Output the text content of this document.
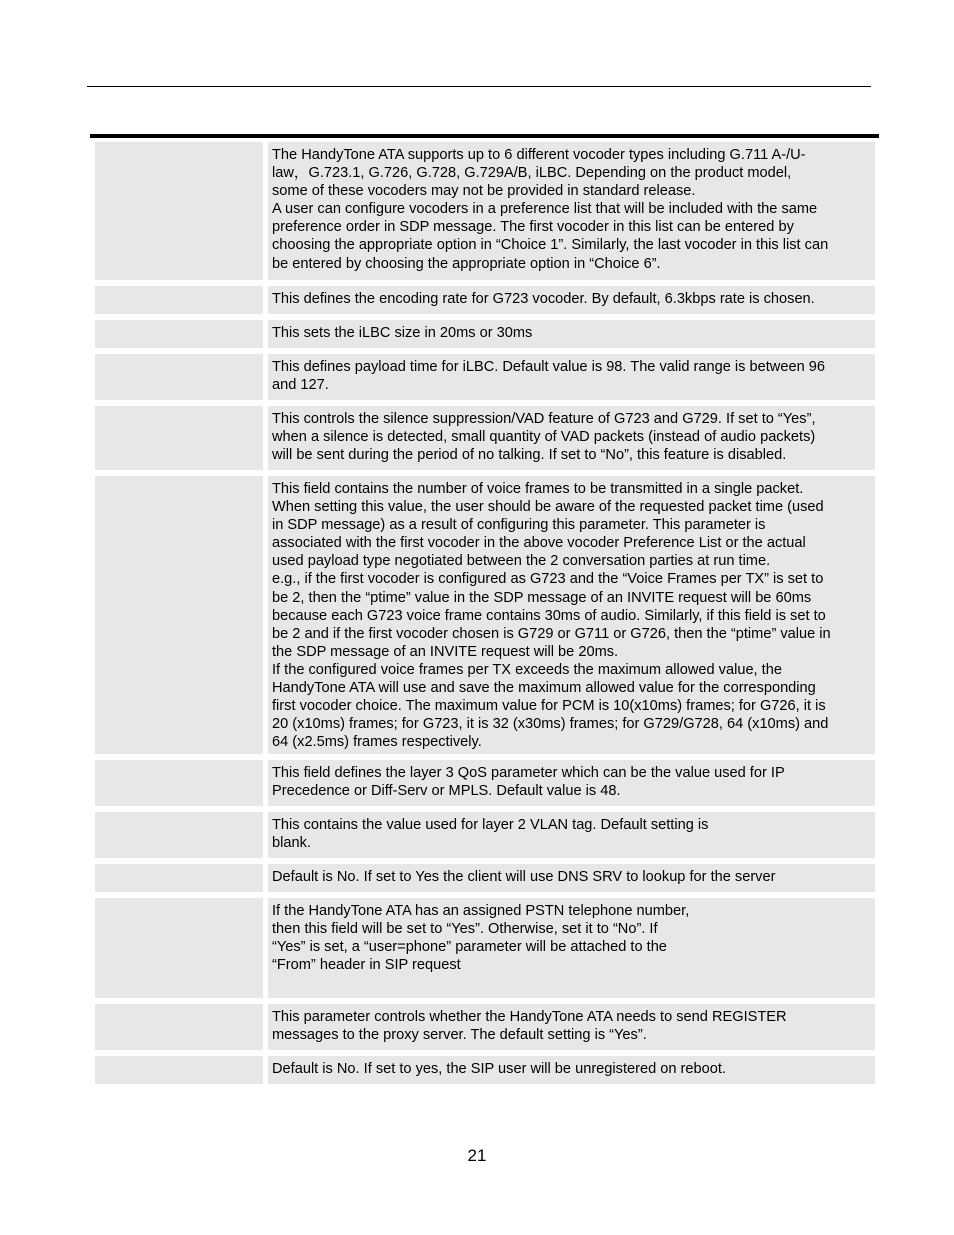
The HandyTone ATA supports up to 6 different vocoder types including G.711 A-/U-
law，G.723.1, G.726, G.728, G.729A/B, iLBC. Depending on the product model,
some of these vocoders may not be provided in standard release.
A user can configure vocoders in a preference list that will be included with the same
preference order in SDP message. The first vocoder in this list can be entered by
choosing the appropriate option in “Choice 1”. Similarly, the last vocoder in this list can
be entered by choosing the appropriate option in “Choice 6”.
This defines the encoding rate for G723 vocoder. By default, 6.3kbps rate is chosen.
This sets the iLBC size in 20ms or 30ms
This defines payload time for iLBC. Default value is 98. The valid range is between 96
and 127.
This controls the silence suppression/VAD feature of G723 and G729. If set to “Yes”,
when a silence is detected, small quantity of VAD packets (instead of audio packets)
will be sent during the period of no talking. If set to “No”, this feature is disabled.
This field contains the number of voice frames to be transmitted in a single packet.
When setting this value, the user should be aware of the requested packet time (used
in SDP message) as a result of configuring this parameter. This parameter is
associated with the first vocoder in the above vocoder Preference List or the actual
used payload type negotiated between the 2 conversation parties at run time.
e.g., if the first vocoder is configured as G723 and the “Voice Frames per TX” is set to
be 2, then the “ptime” value in the SDP message of an INVITE request will be 60ms
because each G723 voice frame contains 30ms of audio. Similarly, if this field is set to
be 2 and if the first vocoder chosen is G729 or G711 or G726, then the “ptime” value in
the SDP message of an INVITE request will be 20ms.
If the configured voice frames per TX exceeds the maximum allowed value, the
HandyTone ATA will use and save the maximum allowed value for the corresponding
first vocoder choice. The maximum value for PCM is 10(x10ms) frames; for G726, it is
20 (x10ms) frames; for G723, it is 32 (x30ms) frames; for G729/G728, 64 (x10ms) and
64 (x2.5ms) frames respectively.
This field defines the layer 3 QoS parameter which can be the value used for IP
Precedence or Diff-Serv or MPLS. Default value is 48.
This contains the value used for layer 2 VLAN tag. Default setting is
blank.
Default is No. If set to Yes the client will use DNS SRV to lookup for the server
If the HandyTone ATA has an assigned PSTN telephone number,
then this field will be set to “Yes”. Otherwise, set it to “No”. If
“Yes” is set, a “user=phone” parameter will be attached to the
“From” header in SIP request
This parameter controls whether the HandyTone ATA needs to send REGISTER
messages to the proxy server. The default setting is “Yes”.
Default is No. If set to yes, the SIP user will be unregistered on reboot.
21
